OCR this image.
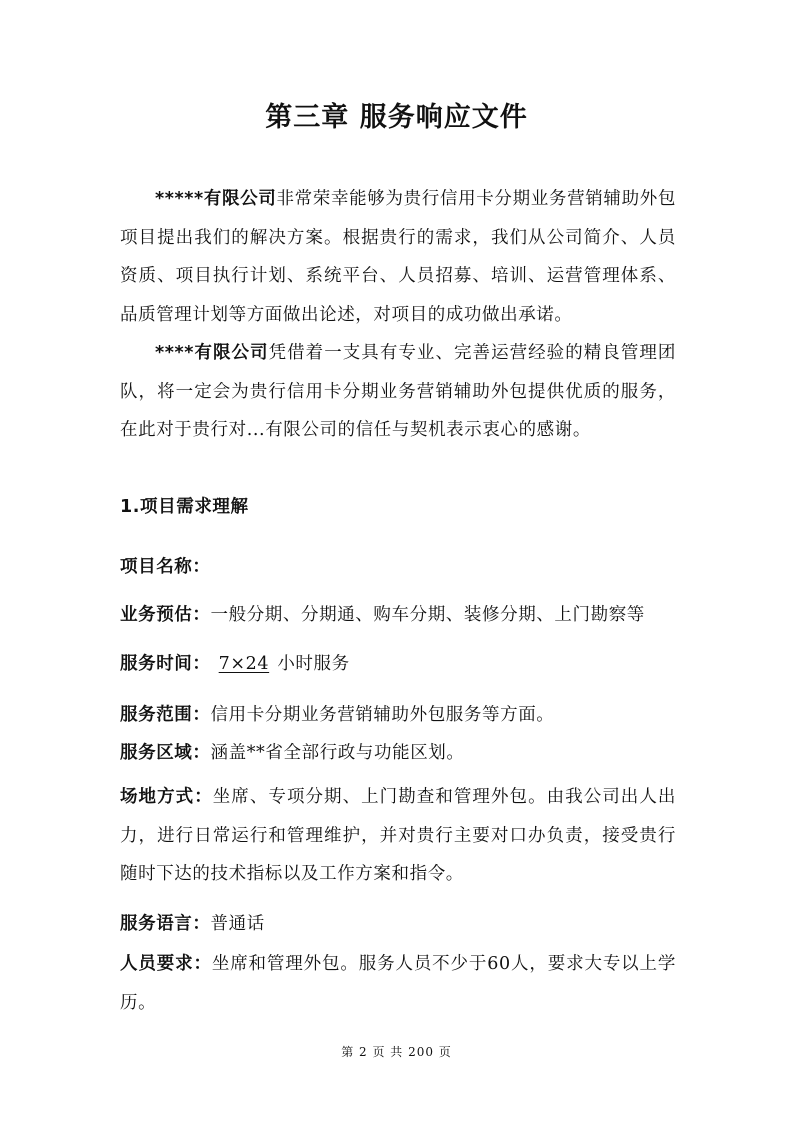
第三章 服务响应文件

*****有限公司非常荣幸能够为贵行信用卡分期业务营销辅助外包项目提出我们的解决方案。根据贵行的需求，我们从公司简介、人员资质、项目执行计划、系统平台、人员招募、培训、运营管理体系、品质管理计划等方面做出论述，对项目的成功做出承诺。

****有限公司凭借着一支具有专业、完善运营经验的精良管理团队，将一定会为贵行信用卡分期业务营销辅助外包提供优质的服务，在此对于贵行对...有限公司的信任与契机表示衷心的感谢。

1.项目需求理解
项目名称：
业务预估：一般分期、分期通、购车分期、装修分期、上门勘察等
服务时间： 7×24 小时服务
服务范围：信用卡分期业务营销辅助外包服务等方面。
服务区域：涵盖**省全部行政与功能区划。
场地方式：坐席、专项分期、上门勘查和管理外包。由我公司出人出力，进行日常运行和管理维护，并对贵行主要对口办负责，接受贵行随时下达的技术指标以及工作方案和指令。
服务语言：普通话
人员要求：坐席和管理外包。服务人员不少于60人，要求大专以上学历。
第 2 页 共 200 页
